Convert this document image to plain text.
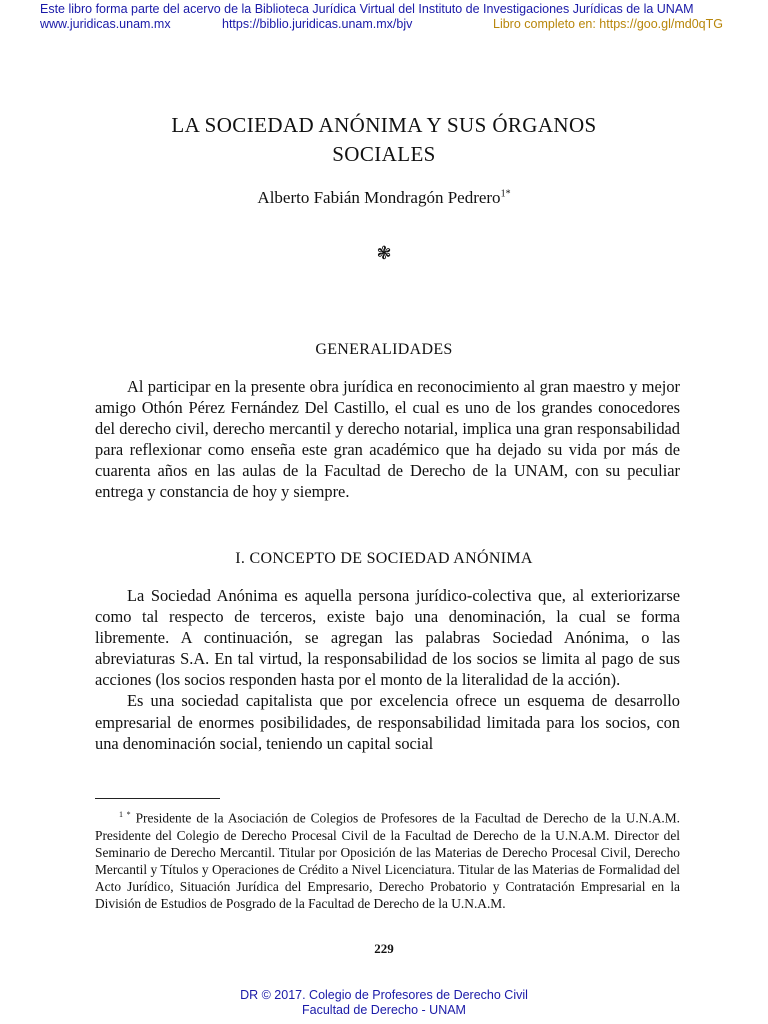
Este libro forma parte del acervo de la Biblioteca Jurídica Virtual del Instituto de Investigaciones Jurídicas de la UNAM
www.juridicas.unam.mx	https://biblio.juridicas.unam.mx/bjv	Libro completo en: https://goo.gl/md0qTG
LA SOCIEDAD ANÓNIMA Y SUS ÓRGANOS
SOCIALES
Alberto Fabián Mondragón Pedrero$^{1*}$
❃
GENERALIDADES

Al participar en la presente obra jurídica en reconocimiento al gran maestro y mejor amigo Othón Pérez Fernández Del Castillo, el cual es uno de los grandes conocedores del derecho civil, derecho mercantil y derecho notarial, implica una gran responsabilidad para reflexionar como enseña este gran académico que ha dejado su vida por más de cuarenta años en las aulas de la Facultad de Derecho de la UNAM, con su peculiar entrega y constancia de hoy y siempre.

I. CONCEPTO DE SOCIEDAD ANÓNIMA

La Sociedad Anónima es aquella persona jurídico-colectiva que, al exteriorizarse como tal respecto de terceros, existe bajo una denominación, la cual se forma libremente. A continuación, se agregan las palabras Sociedad Anónima, o las abreviaturas S.A. En tal virtud, la responsabilidad de los socios se limita al pago de sus acciones (los socios responden hasta por el monto de la literalidad de la acción).

Es una sociedad capitalista que por excelencia ofrece un esquema de desarrollo empresarial de enormes posibilidades, de responsabilidad limitada para los socios, con una denominación social, teniendo un capital social

$^{1 *}$ Presidente de la Asociación de Colegios de Profesores de la Facultad de Derecho de la U.N.A.M. Presidente del Colegio de Derecho Procesal Civil de la Facultad de Derecho de la U.N.A.M. Director del Seminario de Derecho Mercantil. Titular por Oposición de las Materias de Derecho Procesal Civil, Derecho Mercantil y Títulos y Operaciones de Crédito a Nivel Licenciatura. Titular de las Materias de Formalidad del Acto Jurídico, Situación Jurídica del Empresario, Derecho Probatorio y Contratación Empresarial en la División de Estudios de Posgrado de la Facultad de Derecho de la U.N.A.M.
229
DR © 2017. Colegio de Profesores de Derecho Civil
Facultad de Derecho - UNAM
